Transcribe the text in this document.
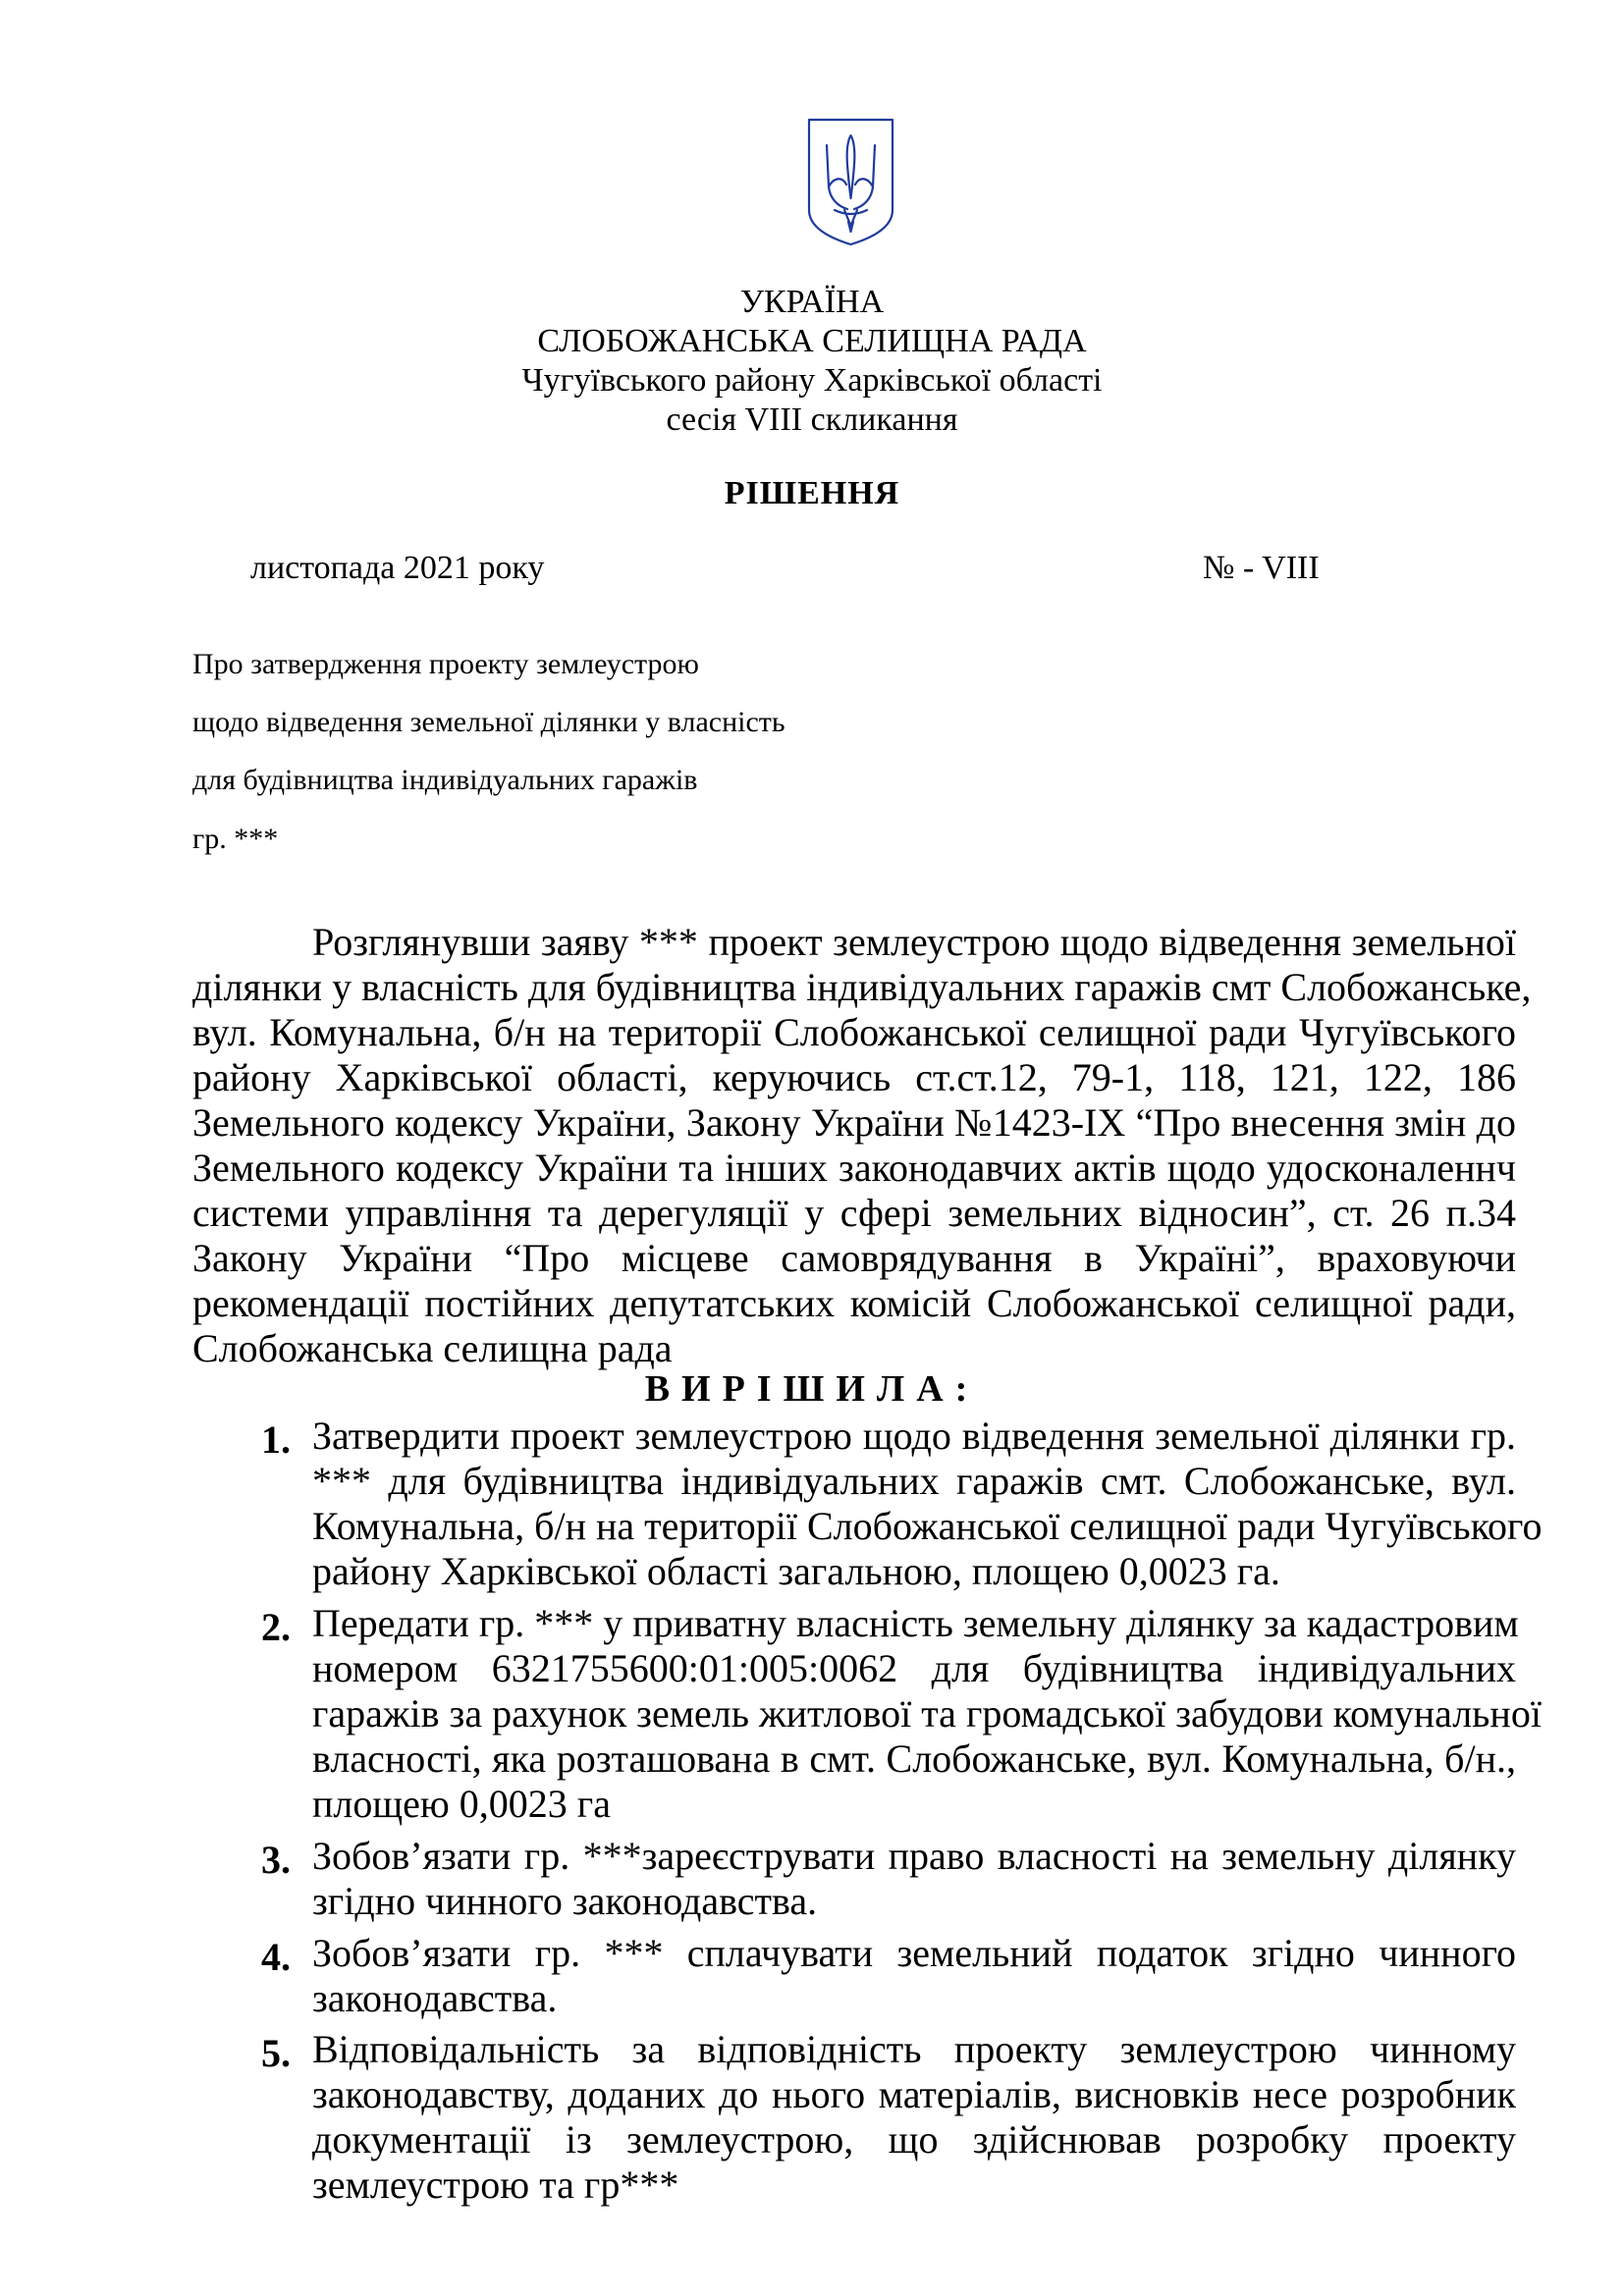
УКРАЇНА
СЛОБОЖАНСЬКА СЕЛИЩНА РАДА
Чугуївського району Харківської області
сесія VIII скликання
РІШЕННЯ
листопада 2021 року	№ - VIII
Про затвердження проекту землеустрою
щодо відведення земельної ділянки у власність
для будівництва індивідуальних гаражів
гр. ***
Розглянувши заяву *** проект землеустрою щодо відведення земельної
ділянки у власність для будівництва індивідуальних гаражів смт Слобожанське,
вул. Комунальна, б/н на території Слобожанської селищної ради Чугуївського
району Харківської області, керуючись ст.ст.12, 79-1, 118, 121, 122, 186
Земельного кодексу України, Закону України №1423-IX “Про внесення змін до
Земельного кодексу України та інших законодавчих актів щодо удосконаленнч
системи управління та дерегуляції у сфері земельних відносин”, ст. 26 п.34
Закону України “Про місцеве самоврядування в Україні”, враховуючи
рекомендації постійних депутатських комісій Слобожанської селищної ради,
Слобожанська селищна рада
ВИРІШИЛА:
1. Затвердити проект землеустрою щодо відведення земельної ділянки гр.
*** для будівництва індивідуальних гаражів смт. Слобожанське, вул.
Комунальна, б/н на території Слобожанської селищної ради Чугуївського
району Харківської області загальною, площею 0,0023 га.
2. Передати гр. *** у приватну власність земельну ділянку за кадастровим
номером 6321755600:01:005:0062 для будівництва індивідуальних
гаражів за рахунок земель житлової та громадської забудови комунальної
власності, яка розташована в смт. Слобожанське, вул. Комунальна, б/н.,
площею 0,0023 га
3. Зобов’язати гр. ***зареєструвати право власності на земельну ділянку
згідно чинного законодавства.
4. Зобов’язати гр. *** сплачувати земельний податок згідно чинного
законодавства.
5. Відповідальність за відповідність проекту землеустрою чинному
законодавству, доданих до нього матеріалів, висновків несе розробник
документації із землеустрою, що здійснював розробку проекту
землеустрою та гр***
